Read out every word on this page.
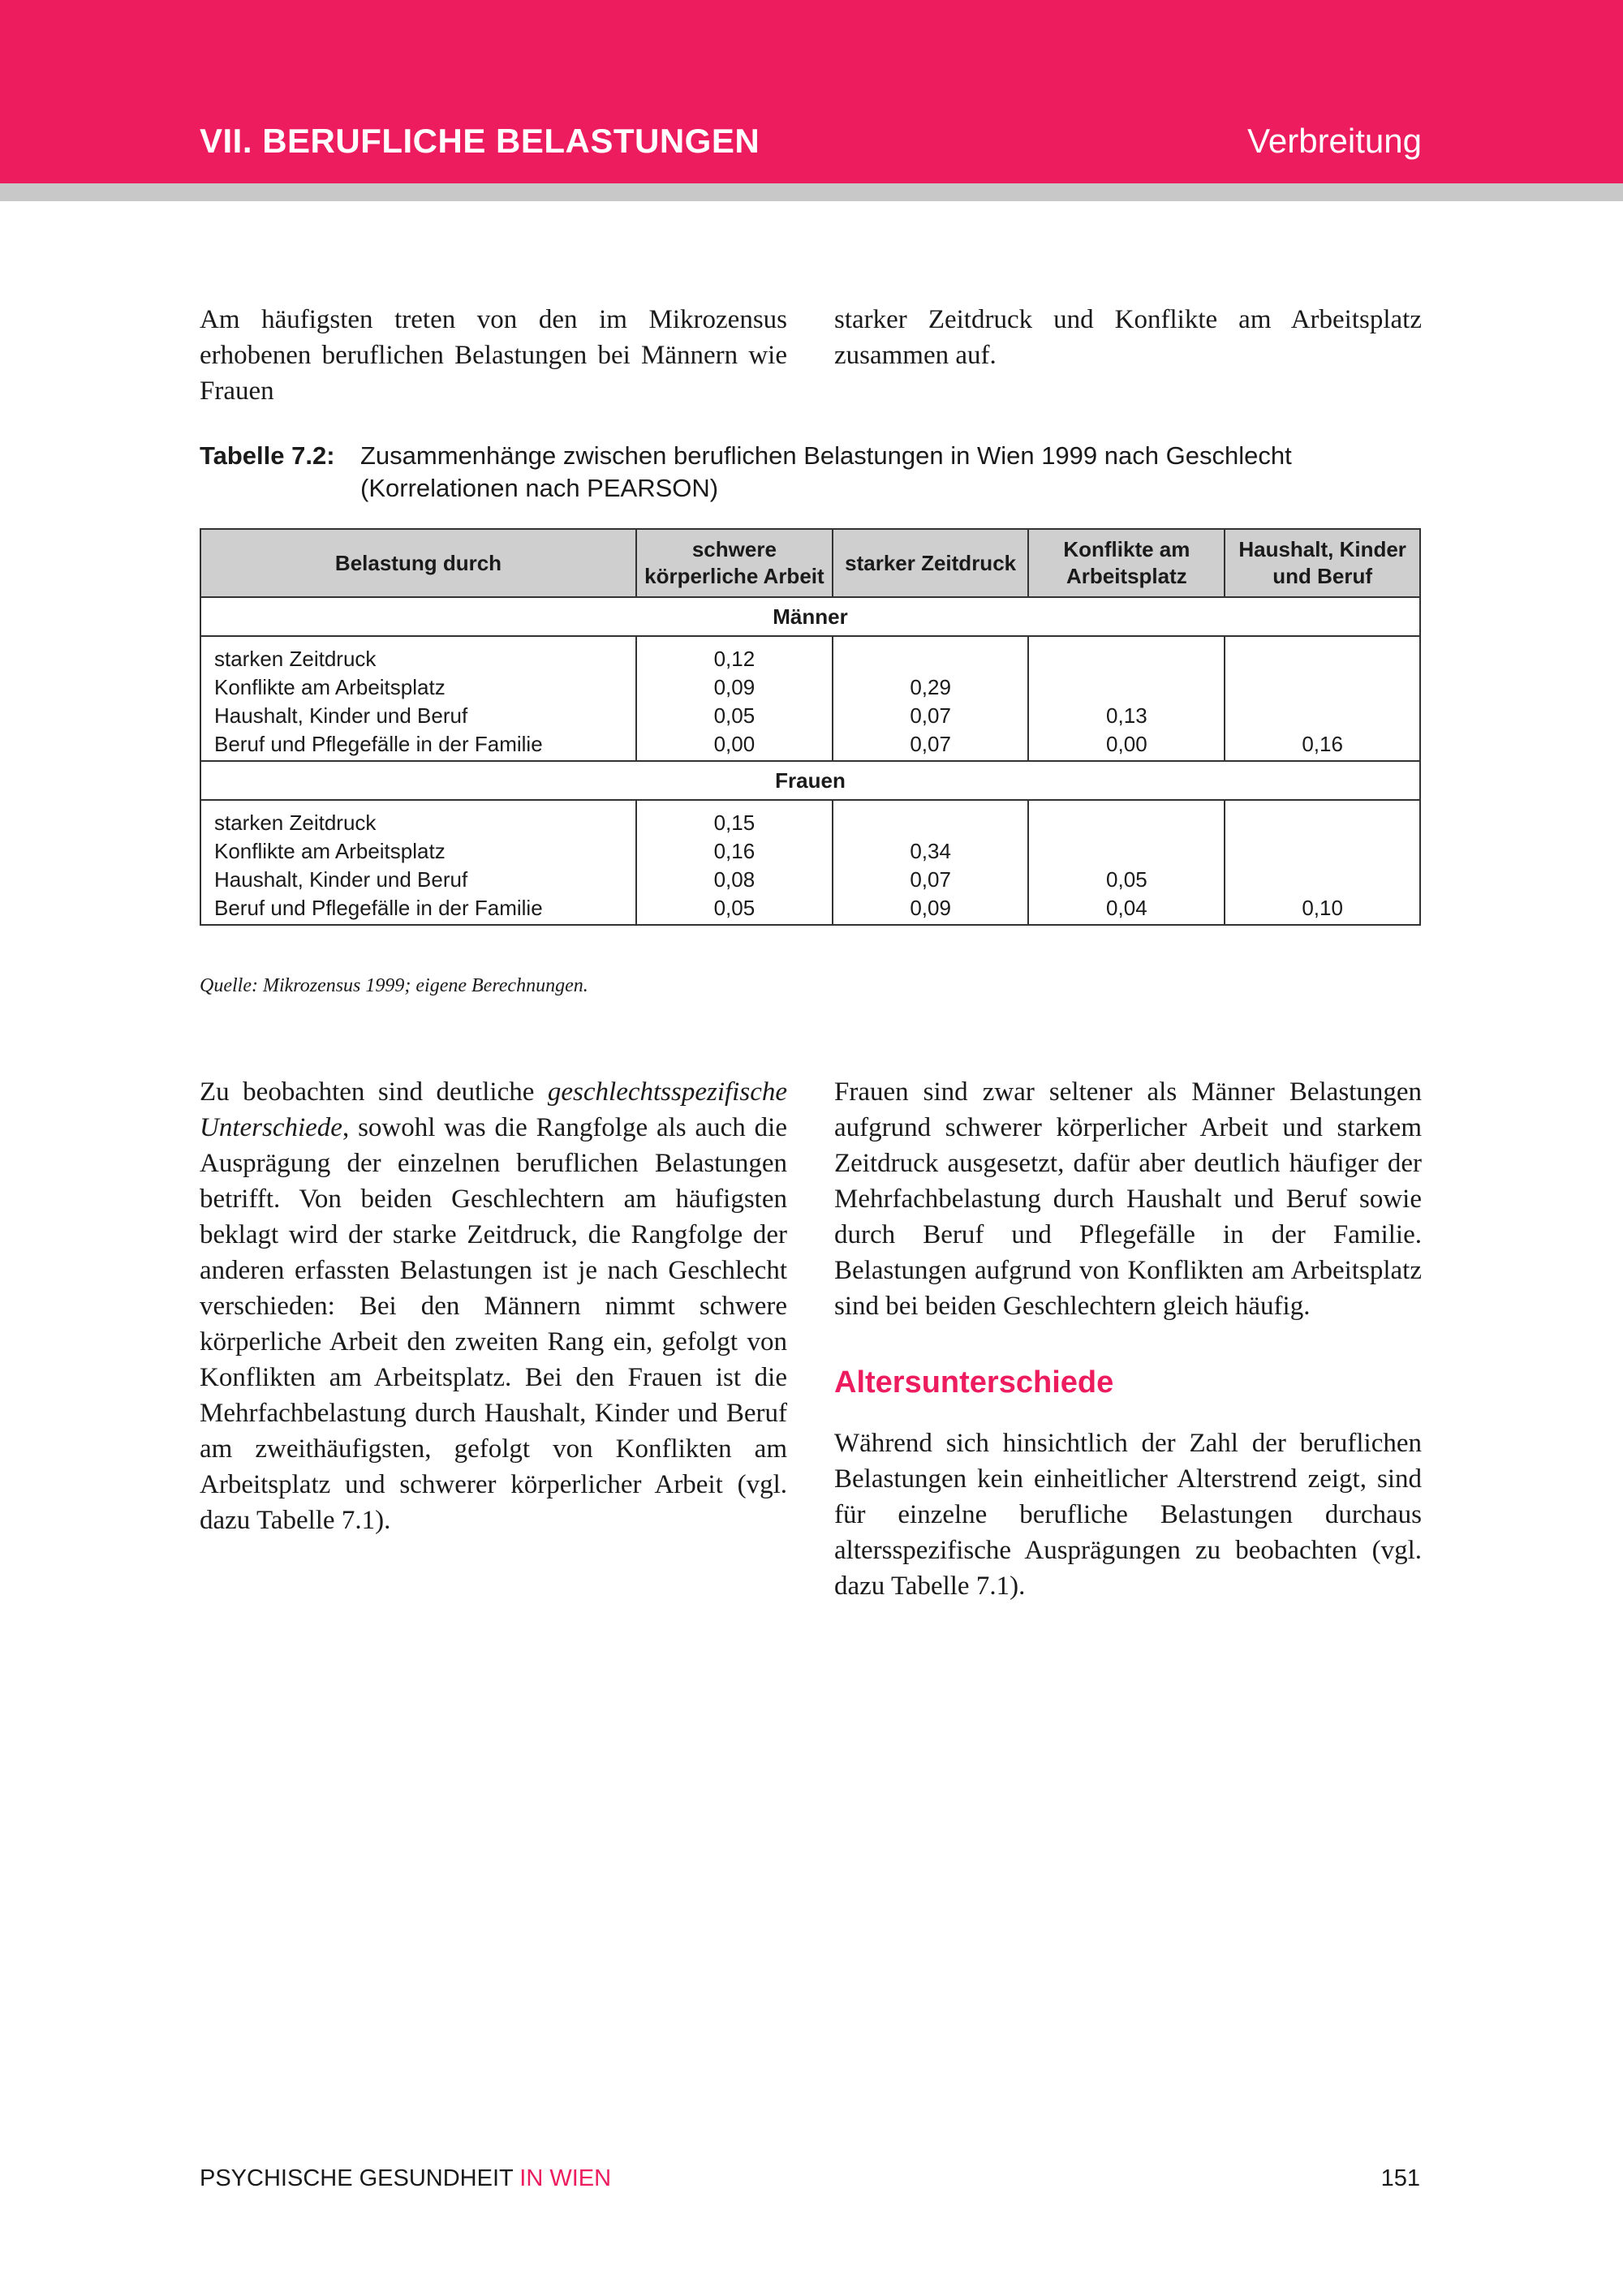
VII. BERUFLICHE BELASTUNGEN	Verbreitung

Am häufigsten treten von den im Mikrozensus erhobenen beruflichen Belastungen bei Männern wie Frauen

starker Zeitdruck und Konflikte am Arbeitsplatz zusammen auf.

Tabelle 7.2: Zusammenhänge zwischen beruflichen Belastungen in Wien 1999 nach Geschlecht (Korrelationen nach PEARSON)
Belastung durch	schwere körperliche Arbeit	starker Zeitdruck	Konflikte am Arbeitsplatz	Haushalt, Kinder und Beruf
Männer				
starken Zeitdruck	0,12			
Konflikte am Arbeitsplatz	0,09	0,29		
Haushalt, Kinder und Beruf	0,05	0,07	0,13	
Beruf und Pflegefälle in der Familie	0,00	0,07	0,00	0,16
Frauen				
starken Zeitdruck	0,15			
Konflikte am Arbeitsplatz	0,16	0,34		
Haushalt, Kinder und Beruf	0,08	0,07	0,05	
Beruf und Pflegefälle in der Familie	0,05	0,09	0,04	0,10
Quelle: Mikrozensus 1999; eigene Berechnungen.

Zu beobachten sind deutliche geschlechtsspezifische Unterschiede, sowohl was die Rangfolge als auch die Ausprägung der einzelnen beruflichen Belastungen betrifft. Von beiden Geschlechtern am häufigsten beklagt wird der starke Zeitdruck, die Rangfolge der anderen erfassten Belastungen ist je nach Geschlecht verschieden: Bei den Männern nimmt schwere körperliche Arbeit den zweiten Rang ein, gefolgt von Konflikten am Arbeitsplatz. Bei den Frauen ist die Mehrfachbelastung durch Haushalt, Kinder und Beruf am zweithäufigsten, gefolgt von Konflikten am Arbeitsplatz und schwerer körperlicher Arbeit (vgl. dazu Tabelle 7.1).

Frauen sind zwar seltener als Männer Belastungen aufgrund schwerer körperlicher Arbeit und starkem Zeitdruck ausgesetzt, dafür aber deutlich häufiger der Mehrfachbelastung durch Haushalt und Beruf sowie durch Beruf und Pflegefälle in der Familie. Belastungen aufgrund von Konflikten am Arbeitsplatz sind bei beiden Geschlechtern gleich häufig.

Altersunterschiede

Während sich hinsichtlich der Zahl der beruflichen Belastungen kein einheitlicher Alterstrend zeigt, sind für einzelne berufliche Belastungen durchaus altersspezifische Ausprägungen zu beobachten (vgl. dazu Tabelle 7.1).

PSYCHISCHE GESUNDHEIT IN WIEN	151
